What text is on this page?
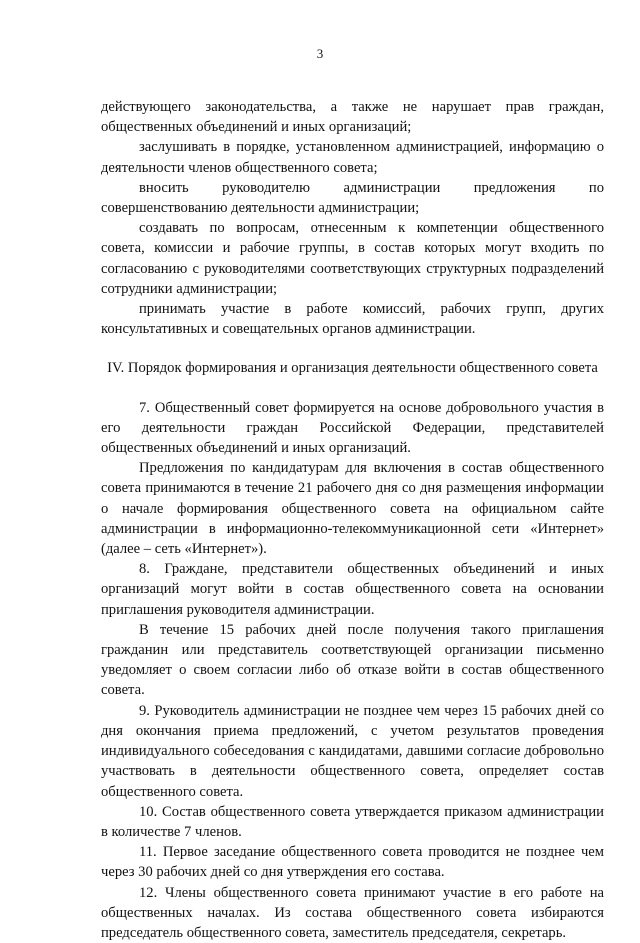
3

действующего законодательства, а также не нарушает прав граждан, общественных объединений и иных организаций;

заслушивать в порядке, установленном администрацией, информацию о деятельности членов общественного совета;

вносить руководителю администрации предложения по совершенствованию деятельности администрации;

создавать по вопросам, отнесенным к компетенции общественного совета, комиссии и рабочие группы, в состав которых могут входить по согласованию с руководителями соответствующих структурных подразделений сотрудники администрации;

принимать участие в работе комиссий, рабочих групп, других консультативных и совещательных органов администрации.

IV. Порядок формирования и организация деятельности общественного совета

7. Общественный совет формируется на основе добровольного участия в его деятельности граждан Российской Федерации, представителей общественных объединений и иных организаций.

Предложения по кандидатурам для включения в состав общественного совета принимаются в течение 21 рабочего дня со дня размещения информации о начале формирования общественного совета на официальном сайте администрации в информационно-телекоммуникационной сети «Интернет» (далее – сеть «Интернет»).

8. Граждане, представители общественных объединений и иных организаций могут войти в состав общественного совета на основании приглашения руководителя администрации.

В течение 15 рабочих дней после получения такого приглашения гражданин или представитель соответствующей организации письменно уведомляет о своем согласии либо об отказе войти в состав общественного совета.

9. Руководитель администрации не позднее чем через 15 рабочих дней со дня окончания приема предложений, с учетом результатов проведения индивидуального собеседования с кандидатами, давшими согласие добровольно участвовать в деятельности общественного совета, определяет состав общественного совета.

10. Состав общественного совета утверждается приказом администрации в количестве 7 членов.

11. Первое заседание общественного совета проводится не позднее чем через 30 рабочих дней со дня утверждения его состава.

12. Члены общественного совета принимают участие в его работе на общественных началах. Из состава общественного совета избираются председатель общественного совета, заместитель председателя, секретарь.
